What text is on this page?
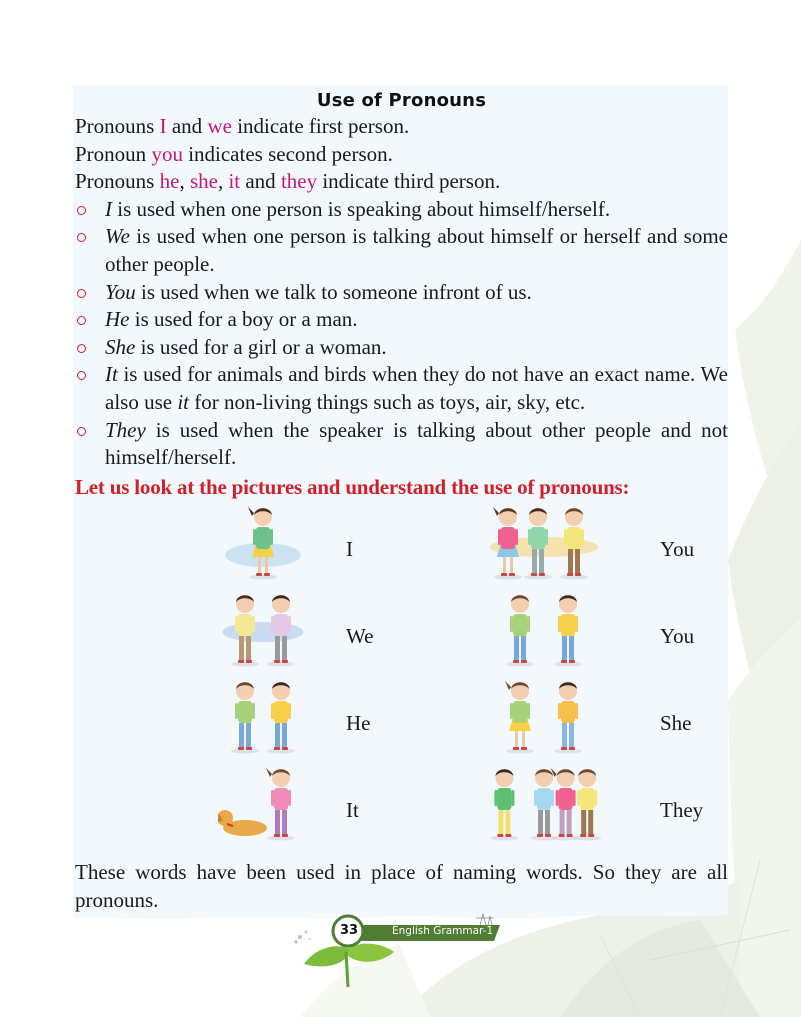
Use of Pronouns
Pronouns I and we indicate first person.
Pronoun you indicates second person.
Pronouns he, she, it and they indicate third person.
I is used when one person is speaking about himself/herself.
We is used when one person is talking about himself or herself and some other people.
You is used when we talk to someone infront of us.
He is used for a boy or a man.
She is used for a girl or a woman.
It is used for animals and birds when they do not have an exact name. We also use it for non-living things such as toys, air, sky, etc.
They is used when the speaker is talking about other people and not himself/herself.
Let us look at the pictures and understand the use of pronouns:
I	You
We	You
He	She
It	They
These words have been used in place of naming words. So they are all pronouns.
33	English Grammar-1
